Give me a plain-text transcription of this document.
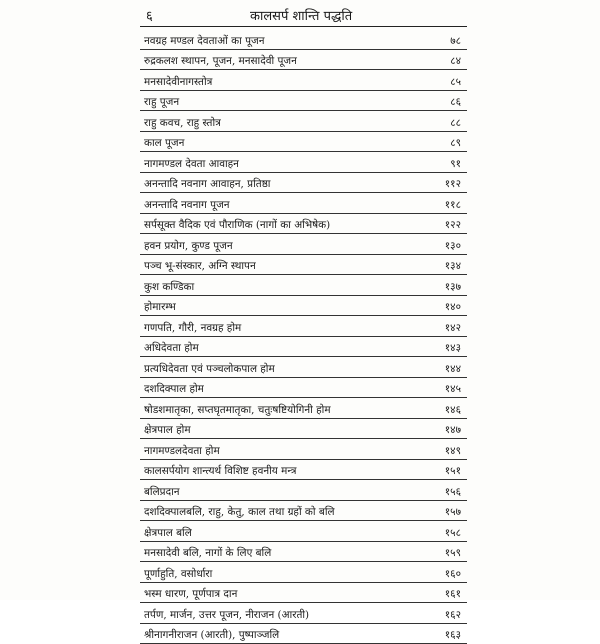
६	कालसर्प शान्ति पद्धति
नवग्रह मण्डल देवताओं का पूजन	७८
रुद्रकलश स्थापन, पूजन, मनसादेवी पूजन	८४
मनसादेवीनागस्तोत्र	८५
राहु पूजन	८६
राहु कवच, राहु स्तोत्र	८८
काल पूजन	८९
नागमण्डल देवता आवाहन	९१
अनन्तादि नवनाग आवाहन, प्रतिष्ठा	११२
अनन्तादि नवनाग पूजन	११८
सर्पसूक्त वैदिक एवं पौराणिक (नागों का अभिषेक)	१२२
हवन प्रयोग, कुण्ड पूजन	१३०
पञ्च भू-संस्कार, अग्नि स्थापन	१३४
कुश कण्डिका	१३७
होमारम्भ	१४०
गणपति, गौरी, नवग्रह होम	१४२
अधिदेवता होम	१४३
प्रत्यधिदेवता एवं पञ्चलोकपाल होम	१४४
दशदिक्पाल होम	१४५
षोडशमातृका, सप्तघृतमातृका, चतुःषष्टियोगिनी होम	१४६
क्षेत्रपाल होम	१४७
नागमण्डलदेवता होम	१४९
कालसर्पयोग शान्त्यर्थ विशिष्ट हवनीय मन्त्र	१५१
बलिप्रदान	१५६
दशदिक्पालबलि, राहु, केतु, काल तथा ग्रहों को बलि	१५७
क्षेत्रपाल बलि	१५८
मनसादेवी बलि, नागों के लिए बलि	१५९
पूर्णाहुति, वसोर्धारा	१६०
भस्म धारण, पूर्णपात्र दान	१६१
तर्पण, मार्जन, उत्तर पूजन, नीराजन (आरती)	१६२
श्रीनागनीराजन (आरती), पुष्पाञ्जलि	१६३
